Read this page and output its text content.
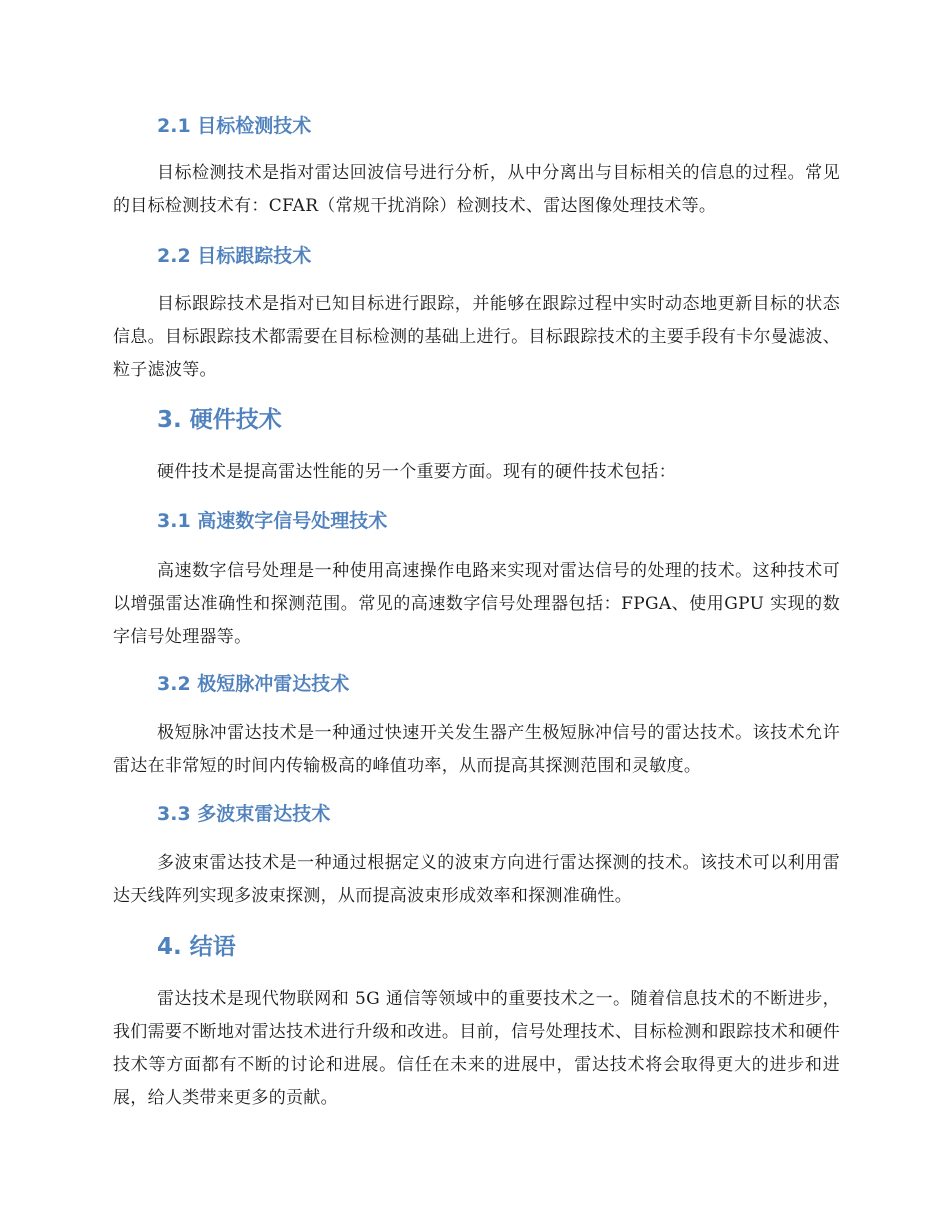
2.1 目标检测技术

目标检测技术是指对雷达回波信号进行分析，从中分离出与目标相关的信息的过程。常见的目标检测技术有：CFAR（常规干扰消除）检测技术、雷达图像处理技术等。

2.2 目标跟踪技术

目标跟踪技术是指对已知目标进行跟踪，并能够在跟踪过程中实时动态地更新目标的状态信息。目标跟踪技术都需要在目标检测的基础上进行。目标跟踪技术的主要手段有卡尔曼滤波、粒子滤波等。

3. 硬件技术

硬件技术是提高雷达性能的另一个重要方面。现有的硬件技术包括：

3.1 高速数字信号处理技术

高速数字信号处理是一种使用高速操作电路来实现对雷达信号的处理的技术。这种技术可以增强雷达准确性和探测范围。常见的高速数字信号处理器包括：FPGA、使用GPU 实现的数字信号处理器等。

3.2 极短脉冲雷达技术

极短脉冲雷达技术是一种通过快速开关发生器产生极短脉冲信号的雷达技术。该技术允许雷达在非常短的时间内传输极高的峰值功率，从而提高其探测范围和灵敏度。

3.3 多波束雷达技术

多波束雷达技术是一种通过根据定义的波束方向进行雷达探测的技术。该技术可以利用雷达天线阵列实现多波束探测，从而提高波束形成效率和探测准确性。

4. 结语

雷达技术是现代物联网和 5G 通信等领域中的重要技术之一。随着信息技术的不断进步，我们需要不断地对雷达技术进行升级和改进。目前，信号处理技术、目标检测和跟踪技术和硬件技术等方面都有不断的讨论和进展。信任在未来的进展中，雷达技术将会取得更大的进步和进展，给人类带来更多的贡献。
